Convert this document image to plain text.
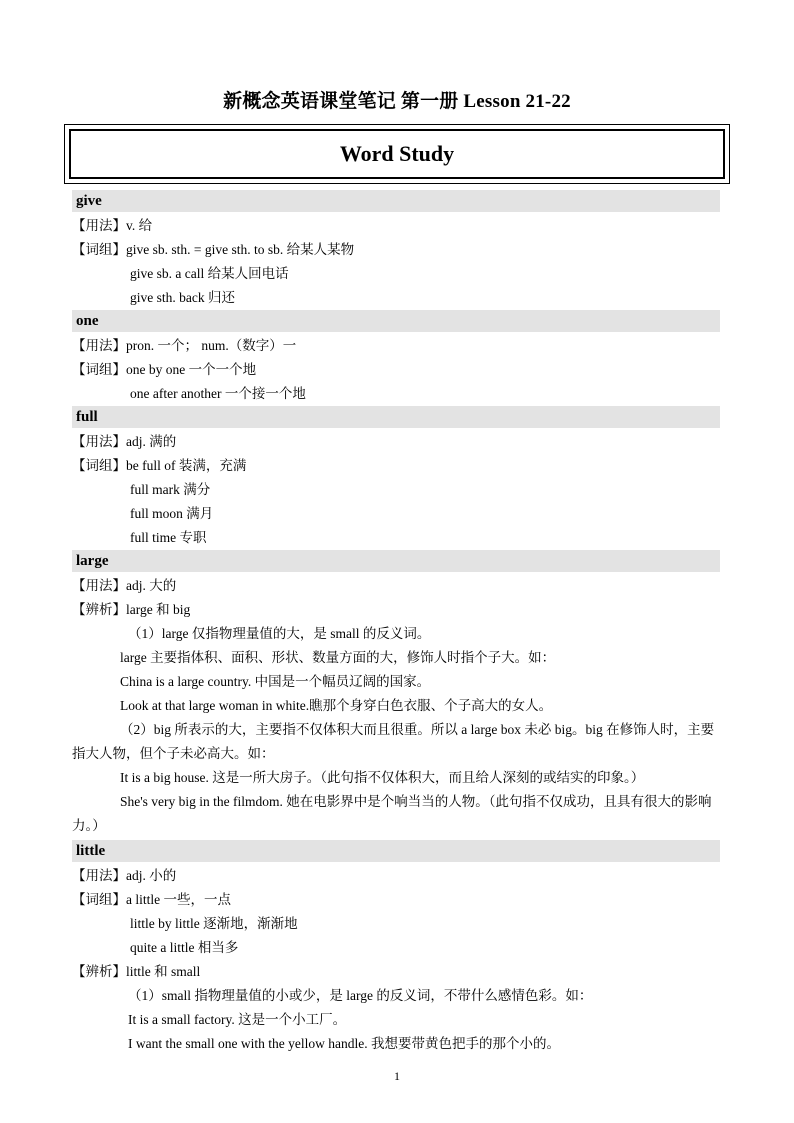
新概念英语课堂笔记 第一册 Lesson 21-22
Word Study
give
【用法】v. 给
【词组】give sb. sth. = give sth. to sb. 给某人某物
give sb. a call 给某人回电话
give sth. back 归还
one
【用法】pron. 一个； num.（数字）一
【词组】one by one 一个一个地
one after another 一个接一个地
full
【用法】adj. 满的
【词组】be full of 装满，充满
full mark 满分
full moon 满月
full time 专职
large
【用法】adj. 大的
【辨析】large 和 big
（1）large 仅指物理量值的大，是 small 的反义词。
large 主要指体积、面积、形状、数量方面的大，修饰人时指个子大。如：
China is a large country. 中国是一个幅员辽阔的国家。
Look at that large woman in white.瞧那个身穿白色衣服、个子高大的女人。
（2）big 所表示的大，主要指不仅体积大而且很重。所以 a large box 未必 big。big 在修饰人时，主要指大人物，但个子未必高大。如：
It is a big house. 这是一所大房子。（此句指不仅体积大，而且给人深刻的或结实的印象。）
She's very big in the filmdom. 她在电影界中是个响当当的人物。（此句指不仅成功，且具有很大的影响力。）
little
【用法】adj. 小的
【词组】a little 一些，一点
little by little 逐渐地，渐渐地
quite a little 相当多
【辨析】little 和 small
（1）small 指物理量值的小或少，是 large 的反义词，不带什么感情色彩。如：
It is a small factory. 这是一个小工厂。
I want the small one with the yellow handle. 我想要带黄色把手的那个小的。
1
